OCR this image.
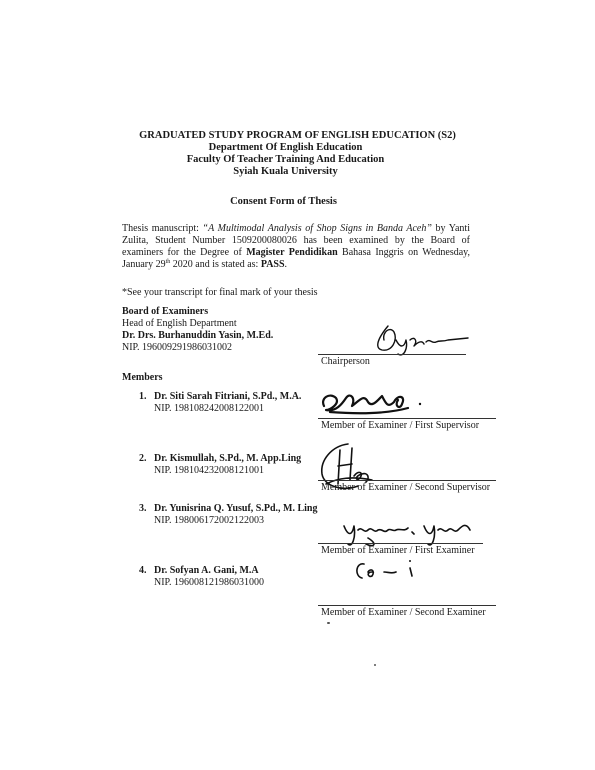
GRADUATED STUDY PROGRAM OF ENGLISH EDUCATION (S2)
Department Of English Education
Faculty Of Teacher Training And Education
Syiah Kuala University
Consent Form of Thesis
Thesis manuscript: “A Multimodal Analysis of Shop Signs in Banda Aceh” by Yanti Zulita, Student Number 1509200080026 has been examined by the Board of examiners for the Degree of Magister Pendidikan Bahasa Inggris on Wednesday, January 29th 2020 and is stated as: PASS.
*See your transcript for final mark of your thesis
Board of Examiners
Head of English Department
Dr. Drs. Burhanuddin Yasin, M.Ed.
NIP. 196009291986031002
Chairperson
Members
1. Dr. Siti Sarah Fitriani, S.Pd., M.A.
NIP. 198108242008122001
Member of Examiner / First Supervisor
2. Dr. Kismullah, S.Pd., M. App.Ling
NIP. 198104232008121001
Member of Examiner / Second Supervisor
3. Dr. Yunisrina Q. Yusuf, S.Pd., M. Ling
NIP. 198006172002122003
Member of Examiner / First Examiner
4. Dr. Sofyan A. Gani, M.A
NIP. 196008121986031000
Member of Examiner / Second Examiner
